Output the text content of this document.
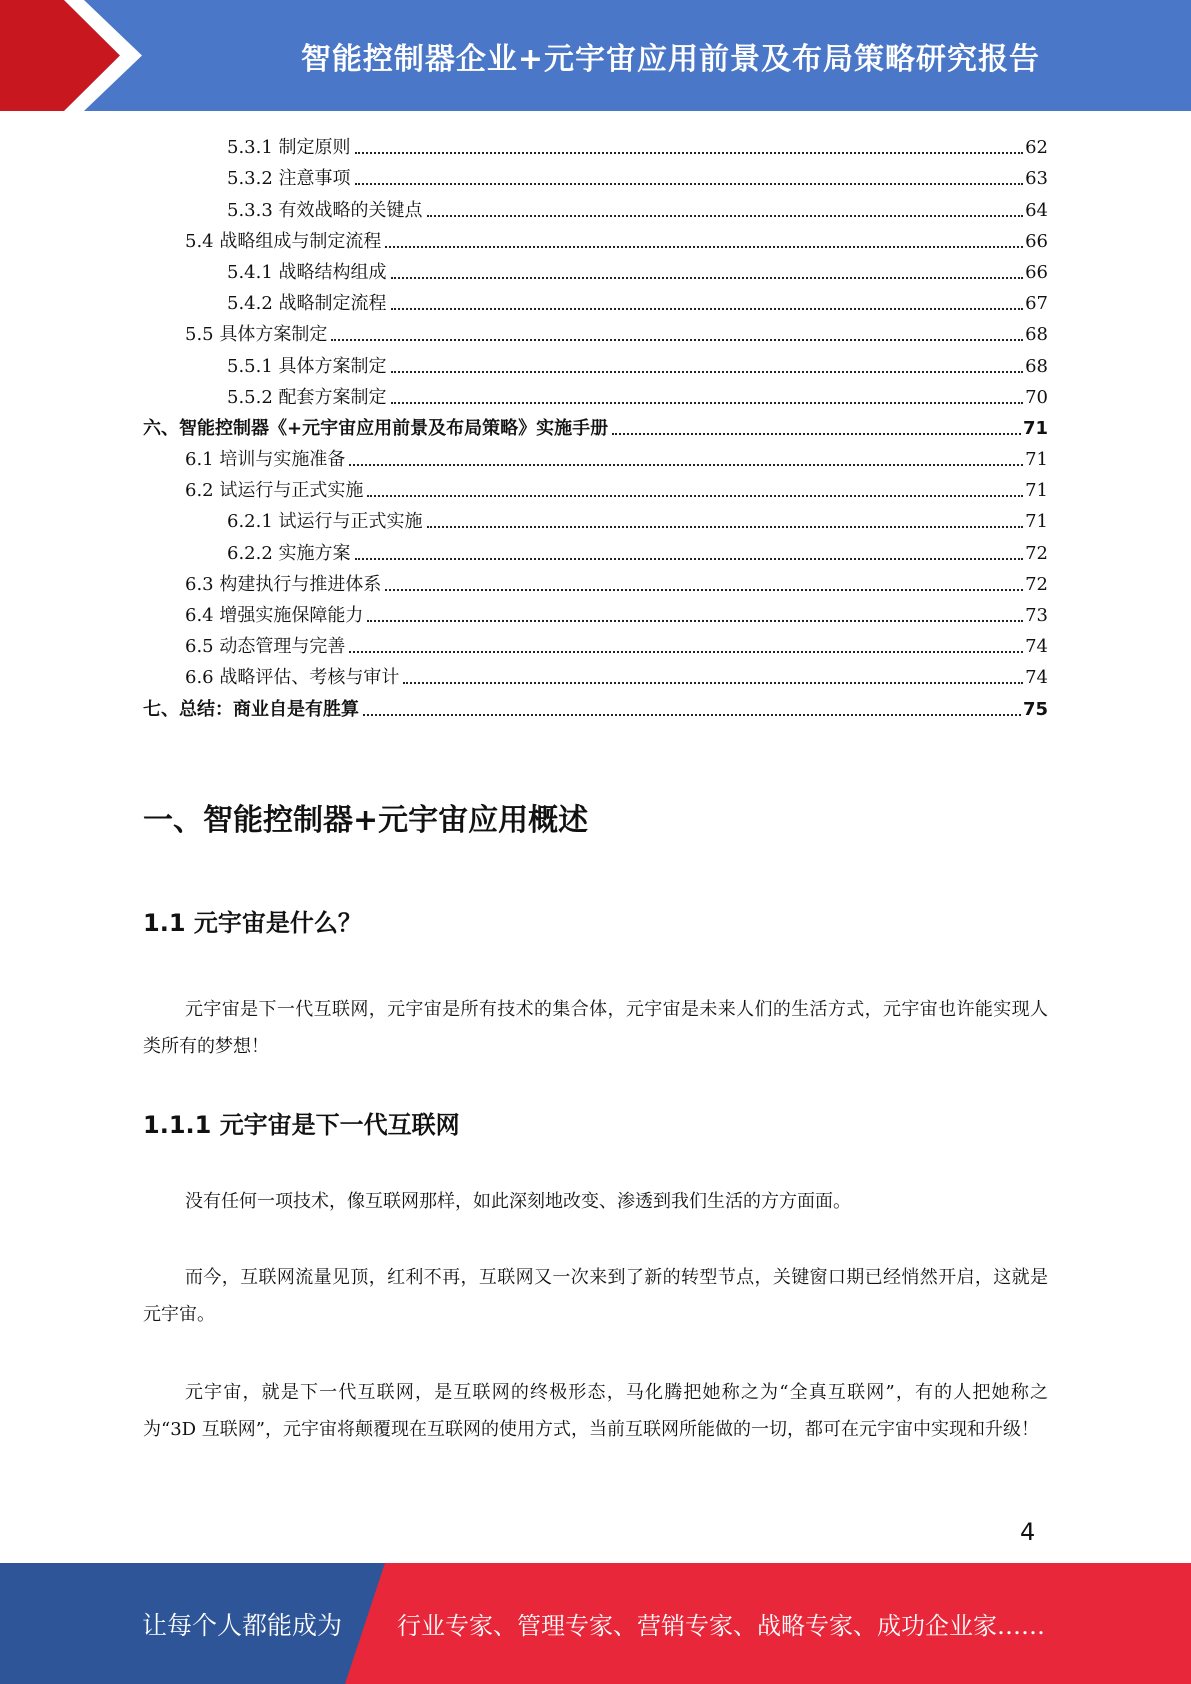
智能控制器企业+元宇宙应用前景及布局策略研究报告
5.3.1 制定原则	62
5.3.2 注意事项	63
5.3.3 有效战略的关键点	64
5.4 战略组成与制定流程	66
5.4.1 战略结构组成	66
5.4.2 战略制定流程	67
5.5 具体方案制定	68
5.5.1 具体方案制定	68
5.5.2 配套方案制定	70
六、智能控制器《+元宇宙应用前景及布局策略》实施手册	71
6.1 培训与实施准备	71
6.2 试运行与正式实施	71
6.2.1 试运行与正式实施	71
6.2.2 实施方案	72
6.3 构建执行与推进体系	72
6.4 增强实施保障能力	73
6.5 动态管理与完善	74
6.6 战略评估、考核与审计	74
七、总结：商业自是有胜算	75
一、智能控制器+元宇宙应用概述
1.1 元宇宙是什么？
元宇宙是下一代互联网，元宇宙是所有技术的集合体，元宇宙是未来人们的生活方式，元宇宙也许能实现人类所有的梦想！
1.1.1 元宇宙是下一代互联网
没有任何一项技术，像互联网那样，如此深刻地改变、渗透到我们生活的方方面面。
而今，互联网流量见顶，红利不再，互联网又一次来到了新的转型节点，关键窗口期已经悄然开启，这就是元宇宙。
元宇宙，就是下一代互联网，是互联网的终极形态，马化腾把她称之为“全真互联网”，有的人把她称之为“3D 互联网”，元宇宙将颠覆现在互联网的使用方式，当前互联网所能做的一切，都可在元宇宙中实现和升级！
4
让每个人都能成为 行业专家、管理专家、营销专家、战略专家、成功企业家……
